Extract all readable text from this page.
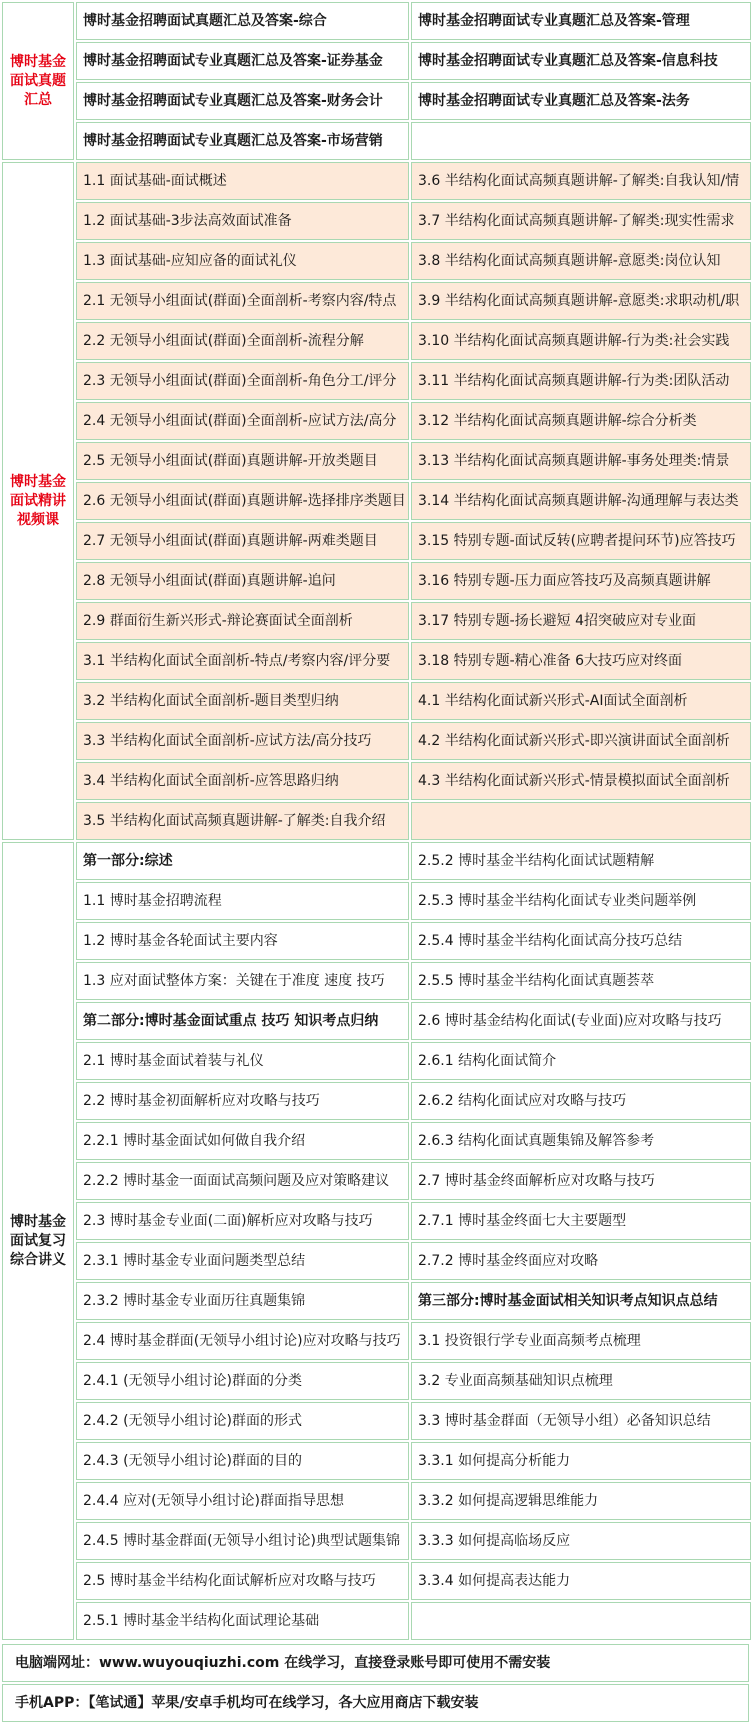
博时基金面试真题汇总	博时基金招聘面试真题汇总及答案-综合	博时基金招聘面试专业真题汇总及答案-管理
	博时基金招聘面试专业真题汇总及答案-证券基金	博时基金招聘面试专业真题汇总及答案-信息科技
	博时基金招聘面试专业真题汇总及答案-财务会计	博时基金招聘面试专业真题汇总及答案-法务
	博时基金招聘面试专业真题汇总及答案-市场营销	
博时基金面试精讲视频课	1.1 面试基础-面试概述	3.6 半结构化面试高频真题讲解-了解类:自我认知/情
	1.2 面试基础-3步法高效面试准备	3.7 半结构化面试高频真题讲解-了解类:现实性需求
	1.3 面试基础-应知应备的面试礼仪	3.8 半结构化面试高频真题讲解-意愿类:岗位认知
	2.1 无领导小组面试(群面)全面剖析-考察内容/特点	3.9 半结构化面试高频真题讲解-意愿类:求职动机/职
	2.2 无领导小组面试(群面)全面剖析-流程分解	3.10 半结构化面试高频真题讲解-行为类:社会实践
	2.3 无领导小组面试(群面)全面剖析-角色分工/评分	3.11 半结构化面试高频真题讲解-行为类:团队活动
	2.4 无领导小组面试(群面)全面剖析-应试方法/高分	3.12 半结构化面试高频真题讲解-综合分析类
	2.5 无领导小组面试(群面)真题讲解-开放类题目	3.13 半结构化面试高频真题讲解-事务处理类:情景
	2.6 无领导小组面试(群面)真题讲解-选择排序类题目	3.14 半结构化面试高频真题讲解-沟通理解与表达类
	2.7 无领导小组面试(群面)真题讲解-两难类题目	3.15 特别专题-面试反转(应聘者提问环节)应答技巧
	2.8 无领导小组面试(群面)真题讲解-追问	3.16 特别专题-压力面应答技巧及高频真题讲解
	2.9 群面衍生新兴形式-辩论赛面试全面剖析	3.17 特别专题-扬长避短 4招突破应对专业面
	3.1 半结构化面试全面剖析-特点/考察内容/评分要	3.18 特别专题-精心准备 6大技巧应对终面
	3.2 半结构化面试全面剖析-题目类型归纳	4.1 半结构化面试新兴形式-AI面试全面剖析
	3.3 半结构化面试全面剖析-应试方法/高分技巧	4.2 半结构化面试新兴形式-即兴演讲面试全面剖析
	3.4 半结构化面试全面剖析-应答思路归纳	4.3 半结构化面试新兴形式-情景模拟面试全面剖析
	3.5 半结构化面试高频真题讲解-了解类:自我介绍	
博时基金面试复习综合讲义	第一部分:综述	2.5.2 博时基金半结构化面试试题精解
	1.1 博时基金招聘流程	2.5.3 博时基金半结构化面试专业类问题举例
	1.2 博时基金各轮面试主要内容	2.5.4 博时基金半结构化面试高分技巧总结
	1.3 应对面试整体方案：关键在于准度 速度 技巧	2.5.5 博时基金半结构化面试真题荟萃
	第二部分:博时基金面试重点 技巧 知识考点归纳	2.6 博时基金结构化面试(专业面)应对攻略与技巧
	2.1 博时基金面试着装与礼仪	2.6.1 结构化面试简介
	2.2 博时基金初面解析应对攻略与技巧	2.6.2 结构化面试应对攻略与技巧
	2.2.1 博时基金面试如何做自我介绍	2.6.3 结构化面试真题集锦及解答参考
	2.2.2 博时基金一面面试高频问题及应对策略建议	2.7 博时基金终面解析应对攻略与技巧
	2.3 博时基金专业面(二面)解析应对攻略与技巧	2.7.1 博时基金终面七大主要题型
	2.3.1 博时基金专业面问题类型总结	2.7.2 博时基金终面应对攻略
	2.3.2 博时基金专业面历往真题集锦	第三部分:博时基金面试相关知识考点知识点总结
	2.4 博时基金群面(无领导小组讨论)应对攻略与技巧	3.1 投资银行学专业面高频考点梳理
	2.4.1 (无领导小组讨论)群面的分类	3.2 专业面高频基础知识点梳理
	2.4.2 (无领导小组讨论)群面的形式	3.3 博时基金群面（无领导小组）必备知识总结
	2.4.3 (无领导小组讨论)群面的目的	3.3.1 如何提高分析能力
	2.4.4 应对(无领导小组讨论)群面指导思想	3.3.2 如何提高逻辑思维能力
	2.4.5 博时基金群面(无领导小组讨论)典型试题集锦	3.3.3 如何提高临场反应
	2.5 博时基金半结构化面试解析应对攻略与技巧	3.3.4 如何提高表达能力
	2.5.1 博时基金半结构化面试理论基础	
电脑端网址：www.wuyouqiuzhi.com 在线学习，直接登录账号即可使用不需安装
手机APP：【笔试通】苹果/安卓手机均可在线学习，各大应用商店下载安装
